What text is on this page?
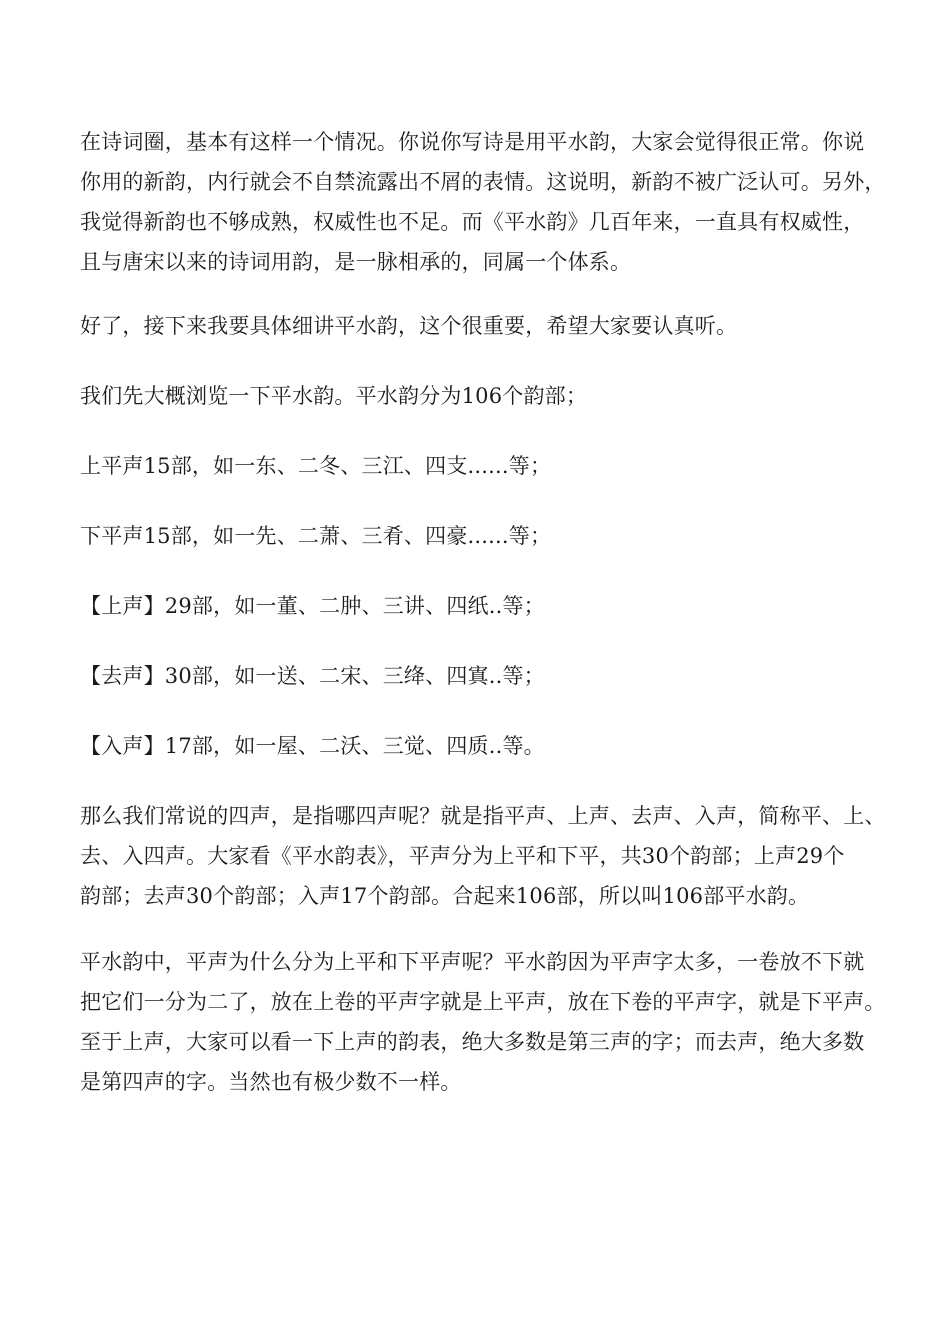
在诗词圈，基本有这样一个情况。你说你写诗是用平水韵，大家会觉得很正常。你说
你用的新韵，内行就会不自禁流露出不屑的表情。这说明，新韵不被广泛认可。另外，
我觉得新韵也不够成熟，权威性也不足。而《平水韵》几百年来，一直具有权威性，
且与唐宋以来的诗词用韵，是一脉相承的，同属一个体系。

好了，接下来我要具体细讲平水韵，这个很重要，希望大家要认真听。

我们先大概浏览一下平水韵。平水韵分为106个韵部；

上平声15部，如一东、二冬、三江、四支......等；

下平声15部，如一先、二萧、三肴、四豪......等；

【上声】29部，如一董、二肿、三讲、四纸..等；

【去声】30部，如一送、二宋、三绛、四寘..等；

【入声】17部，如一屋、二沃、三觉、四质..等。

那么我们常说的四声，是指哪四声呢？就是指平声、上声、去声、入声，简称平、上、
去、入四声。大家看《平水韵表》，平声分为上平和下平，共30个韵部；上声29个
韵部；去声30个韵部；入声17个韵部。合起来106部，所以叫106部平水韵。

平水韵中，平声为什么分为上平和下平声呢？平水韵因为平声字太多，一卷放不下就
把它们一分为二了，放在上卷的平声字就是上平声，放在下卷的平声字，就是下平声。
至于上声，大家可以看一下上声的韵表，绝大多数是第三声的字；而去声，绝大多数
是第四声的字。当然也有极少数不一样。
